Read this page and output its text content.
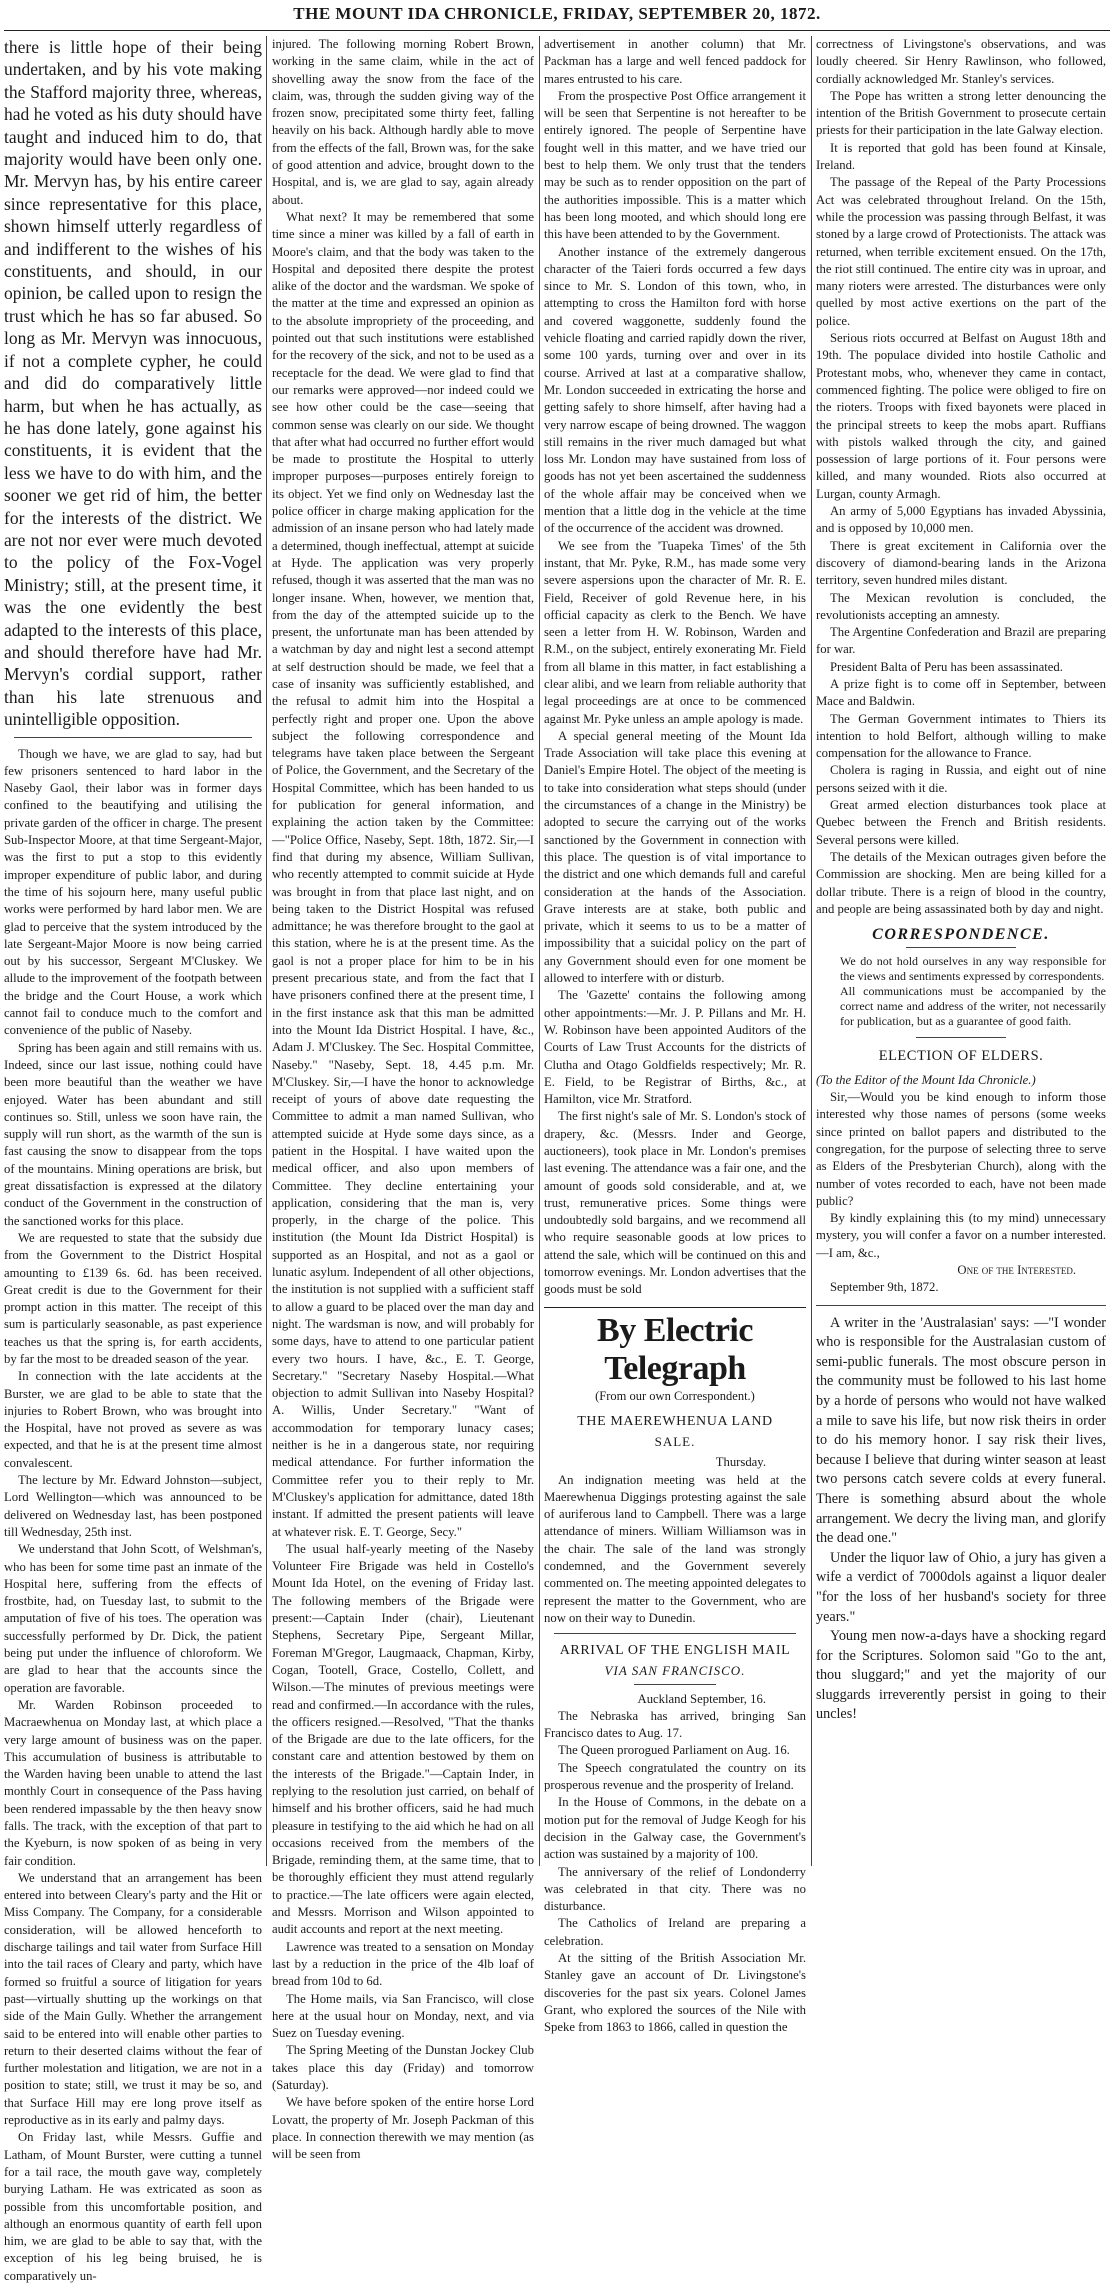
THE MOUNT IDA CHRONICLE, FRIDAY, SEPTEMBER 20, 1872.

there is little hope of their being undertaken, and by his vote making the Stafford majority three, whereas, had he voted as his duty should have taught and induced him to do, that majority would have been only one. Mr. Mervyn has, by his entire career since representative for this place, shown himself utterly regardless of and indifferent to the wishes of his constituents, and should, in our opinion, be called upon to resign the trust which he has so far abused. So long as Mr. Mervyn was innocuous, if not a complete cypher, he could and did do comparatively little harm, but when he has actually, as he has done lately, gone against his constituents, it is evident that the less we have to do with him, and the sooner we get rid of him, the better for the interests of the district. We are not nor ever were much devoted to the policy of the Fox-Vogel Ministry; still, at the present time, it was the one evidently the best adapted to the interests of this place, and should therefore have had Mr. Mervyn's cordial support, rather than his late strenuous and unintelligible opposition.

Though we have, we are glad to say, had but few prisoners sentenced to hard labor in the Naseby Gaol, their labor was in former days confined to the beautifying and utilising the private garden of the officer in charge. The present Sub-Inspector Moore, at that time Sergeant-Major, was the first to put a stop to this evidently improper expenditure of public labor, and during the time of his sojourn here, many useful public works were performed by hard labor men. We are glad to perceive that the system introduced by the late Sergeant-Major Moore is now being carried out by his successor, Sergeant M'Cluskey. We allude to the improvement of the footpath between the bridge and the Court House, a work which cannot fail to conduce much to the comfort and convenience of the public of Naseby.

Spring has been again and still remains with us. Indeed, since our last issue, nothing could have been more beautiful than the weather we have enjoyed. Water has been abundant and still continues so. Still, unless we soon have rain, the supply will run short, as the warmth of the sun is fast causing the snow to disappear from the tops of the mountains. Mining operations are brisk, but great dissatisfaction is expressed at the dilatory conduct of the Government in the construction of the sanctioned works for this place.

We are requested to state that the subsidy due from the Government to the District Hospital amounting to £139 6s. 6d. has been received. Great credit is due to the Government for their prompt action in this matter. The receipt of this sum is particularly seasonable, as past experience teaches us that the spring is, for earth accidents, by far the most to be dreaded season of the year.

In connection with the late accidents at the Burster, we are glad to be able to state that the injuries to Robert Brown, who was brought into the Hospital, have not proved as severe as was expected, and that he is at the present time almost convalescent.

The lecture by Mr. Edward Johnston—subject, Lord Wellington—which was announced to be delivered on Wednesday last, has been postponed till Wednesday, 25th inst.

We understand that John Scott, of Welshman's, who has been for some time past an inmate of the Hospital here, suffering from the effects of frostbite, had, on Tuesday last, to submit to the amputation of five of his toes. The operation was successfully performed by Dr. Dick, the patient being put under the influence of chloroform. We are glad to hear that the accounts since the operation are favorable.

Mr. Warden Robinson proceeded to Macraewhenua on Monday last, at which place a very large amount of business was on the paper. This accumulation of business is attributable to the Warden having been unable to attend the last monthly Court in consequence of the Pass having been rendered impassable by the then heavy snow falls. The track, with the exception of that part to the Kyeburn, is now spoken of as being in very fair condition.

We understand that an arrangement has been entered into between Cleary's party and the Hit or Miss Company. The Company, for a considerable consideration, will be allowed henceforth to discharge tailings and tail water from Surface Hill into the tail races of Cleary and party, which have formed so fruitful a source of litigation for years past—virtually shutting up the workings on that side of the Main Gully. Whether the arrangement said to be entered into will enable other parties to return to their deserted claims without the fear of further molestation and litigation, we are not in a position to state; still, we trust it may be so, and that Surface Hill may ere long prove itself as reproductive as in its early and palmy days.

On Friday last, while Messrs. Guffie and Latham, of Mount Burster, were cutting a tunnel for a tail race, the mouth gave way, completely burying Latham. He was extricated as soon as possible from this uncomfortable position, and although an enormous quantity of earth fell upon him, we are glad to be able to say that, with the exception of his leg being bruised, he is comparatively un-

injured. The following morning Robert Brown, working in the same claim, while in the act of shovelling away the snow from the face of the claim, was, through the sudden giving way of the frozen snow, precipitated some thirty feet, falling heavily on his back. Although hardly able to move from the effects of the fall, Brown was, for the sake of good attention and advice, brought down to the Hospital, and is, we are glad to say, again already about.

What next? It may be remembered that some time since a miner was killed by a fall of earth in Moore's claim, and that the body was taken to the Hospital and deposited there despite the protest alike of the doctor and the wardsman. We spoke of the matter at the time and expressed an opinion as to the absolute impropriety of the proceeding, and pointed out that such institutions were established for the recovery of the sick, and not to be used as a receptacle for the dead. We were glad to find that our remarks were approved—nor indeed could we see how other could be the case—seeing that common sense was clearly on our side. We thought that after what had occurred no further effort would be made to prostitute the Hospital to utterly improper purposes—purposes entirely foreign to its object. Yet we find only on Wednesday last the police officer in charge making application for the admission of an insane person who had lately made a determined, though ineffectual, attempt at suicide at Hyde. The application was very properly refused, though it was asserted that the man was no longer insane. When, however, we mention that, from the day of the attempted suicide up to the present, the unfortunate man has been attended by a watchman by day and night lest a second attempt at self destruction should be made, we feel that a case of insanity was sufficiently established, and the refusal to admit him into the Hospital a perfectly right and proper one. Upon the above subject the following correspondence and telegrams have taken place between the Sergeant of Police, the Government, and the Secretary of the Hospital Committee, which has been handed to us for publication for general information, and explaining the action taken by the Committee:—"Police Office, Naseby, Sept. 18th, 1872. Sir,—I find that during my absence, William Sullivan, who recently attempted to commit suicide at Hyde was brought in from that place last night, and on being taken to the District Hospital was refused admittance; he was therefore brought to the gaol at this station, where he is at the present time. As the gaol is not a proper place for him to be in his present precarious state, and from the fact that I have prisoners confined there at the present time, I in the first instance ask that this man be admitted into the Mount Ida District Hospital. I have, &c., Adam J. M'Cluskey. The Sec. Hospital Committee, Naseby." "Naseby, Sept. 18, 4.45 p.m. Mr. M'Cluskey. Sir,—I have the honor to acknowledge receipt of yours of above date requesting the Committee to admit a man named Sullivan, who attempted suicide at Hyde some days since, as a patient in the Hospital. I have waited upon the medical officer, and also upon members of Committee. They decline entertaining your application, considering that the man is, very properly, in the charge of the police. This institution (the Mount Ida District Hospital) is supported as an Hospital, and not as a gaol or lunatic asylum. Independent of all other objections, the institution is not supplied with a sufficient staff to allow a guard to be placed over the man day and night. The wardsman is now, and will probably for some days, have to attend to one particular patient every two hours. I have, &c., E. T. George, Secretary." "Secretary Naseby Hospital.—What objection to admit Sullivan into Naseby Hospital? A. Willis, Under Secretary." "Want of accommodation for temporary lunacy cases; neither is he in a dangerous state, nor requiring medical attendance. For further information the Committee refer you to their reply to Mr. M'Cluskey's application for admittance, dated 18th instant. If admitted the present patients will leave at whatever risk. E. T. George, Secy."

The usual half-yearly meeting of the Naseby Volunteer Fire Brigade was held in Costello's Mount Ida Hotel, on the evening of Friday last. The following members of the Brigade were present:—Captain Inder (chair), Lieutenant Stephens, Secretary Pipe, Sergeant Millar, Foreman M'Gregor, Laugmaack, Chapman, Kirby, Cogan, Tootell, Grace, Costello, Collett, and Wilson.—The minutes of previous meetings were read and confirmed.—In accordance with the rules, the officers resigned.—Resolved, "That the thanks of the Brigade are due to the late officers, for the constant care and attention bestowed by them on the interests of the Brigade."—Captain Inder, in replying to the resolution just carried, on behalf of himself and his brother officers, said he had much pleasure in testifying to the aid which he had on all occasions received from the members of the Brigade, reminding them, at the same time, that to be thoroughly efficient they must attend regularly to practice.—The late officers were again elected, and Messrs. Morrison and Wilson appointed to audit accounts and report at the next meeting.

Lawrence was treated to a sensation on Monday last by a reduction in the price of the 4lb loaf of bread from 10d to 6d.

The Home mails, via San Francisco, will close here at the usual hour on Monday, next, and via Suez on Tuesday evening.

The Spring Meeting of the Dunstan Jockey Club takes place this day (Friday) and tomorrow (Saturday).

We have before spoken of the entire horse Lord Lovatt, the property of Mr. Joseph Packman of this place. In connection therewith we may mention (as will be seen from

advertisement in another column) that Mr. Packman has a large and well fenced paddock for mares entrusted to his care.

From the prospective Post Office arrangement it will be seen that Serpentine is not hereafter to be entirely ignored. The people of Serpentine have fought well in this matter, and we have tried our best to help them. We only trust that the tenders may be such as to render opposition on the part of the authorities impossible. This is a matter which has been long mooted, and which should long ere this have been attended to by the Government.

Another instance of the extremely dangerous character of the Taieri fords occurred a few days since to Mr. S. London of this town, who, in attempting to cross the Hamilton ford with horse and covered waggonette, suddenly found the vehicle floating and carried rapidly down the river, some 100 yards, turning over and over in its course. Arrived at last at a comparative shallow, Mr. London succeeded in extricating the horse and getting safely to shore himself, after having had a very narrow escape of being drowned. The waggon still remains in the river much damaged but what loss Mr. London may have sustained from loss of goods has not yet been ascertained the suddenness of the whole affair may be conceived when we mention that a little dog in the vehicle at the time of the occurrence of the accident was drowned.

We see from the 'Tuapeka Times' of the 5th instant, that Mr. Pyke, R.M., has made some very severe aspersions upon the character of Mr. R. E. Field, Receiver of gold Revenue here, in his official capacity as clerk to the Bench. We have seen a letter from H. W. Robinson, Warden and R.M., on the subject, entirely exonerating Mr. Field from all blame in this matter, in fact establishing a clear alibi, and we learn from reliable authority that legal proceedings are at once to be commenced against Mr. Pyke unless an ample apology is made.

A special general meeting of the Mount Ida Trade Association will take place this evening at Daniel's Empire Hotel. The object of the meeting is to take into consideration what steps should (under the circumstances of a change in the Ministry) be adopted to secure the carrying out of the works sanctioned by the Government in connection with this place. The question is of vital importance to the district and one which demands full and careful consideration at the hands of the Association. Grave interests are at stake, both public and private, which it seems to us to be a matter of impossibility that a suicidal policy on the part of any Government should even for one moment be allowed to interfere with or disturb.

The 'Gazette' contains the following among other appointments:—Mr. J. P. Pillans and Mr. H. W. Robinson have been appointed Auditors of the Courts of Law Trust Accounts for the districts of Clutha and Otago Goldfields respectively; Mr. R. E. Field, to be Registrar of Births, &c., at Hamilton, vice Mr. Stratford.

The first night's sale of Mr. S. London's stock of drapery, &c. (Messrs. Inder and George, auctioneers), took place in Mr. London's premises last evening. The attendance was a fair one, and the amount of goods sold considerable, and at, we trust, remunerative prices. Some things were undoubtedly sold bargains, and we recommend all who require seasonable goods at low prices to attend the sale, which will be continued on this and tomorrow evenings. Mr. London advertises that the goods must be sold

By Electric Telegraph
(From our own Correspondent.)
THE MAEREWHENUA LAND
SALE.
Thursday.

An indignation meeting was held at the Maerewhenua Diggings protesting against the sale of auriferous land to Campbell. There was a large attendance of miners. William Williamson was in the chair. The sale of the land was strongly condemned, and the Government severely commented on. The meeting appointed delegates to represent the matter to the Government, who are now on their way to Dunedin.

ARRIVAL OF THE ENGLISH MAIL
VIA SAN FRANCISCO.
Auckland September, 16.

The Nebraska has arrived, bringing San Francisco dates to Aug. 17.

The Queen prorogued Parliament on Aug. 16.

The Speech congratulated the country on its prosperous revenue and the prosperity of Ireland.

In the House of Commons, in the debate on a motion put for the removal of Judge Keogh for his decision in the Galway case, the Government's action was sustained by a majority of 100.

The anniversary of the relief of Londonderry was celebrated in that city. There was no disturbance.

The Catholics of Ireland are preparing a celebration.

At the sitting of the British Association Mr. Stanley gave an account of Dr. Livingstone's discoveries for the past six years. Colonel James Grant, who explored the sources of the Nile with Speke from 1863 to 1866, called in question the

correctness of Livingstone's observations, and was loudly cheered. Sir Henry Rawlinson, who followed, cordially acknowledged Mr. Stanley's services.

The Pope has written a strong letter denouncing the intention of the British Government to prosecute certain priests for their participation in the late Galway election.

It is reported that gold has been found at Kinsale, Ireland.

The passage of the Repeal of the Party Processions Act was celebrated throughout Ireland. On the 15th, while the procession was passing through Belfast, it was stoned by a large crowd of Protectionists. The attack was returned, when terrible excitement ensued. On the 17th, the riot still continued. The entire city was in uproar, and many rioters were arrested. The disturbances were only quelled by most active exertions on the part of the police.

Serious riots occurred at Belfast on August 18th and 19th. The populace divided into hostile Catholic and Protestant mobs, who, whenever they came in contact, commenced fighting. The police were obliged to fire on the rioters. Troops with fixed bayonets were placed in the principal streets to keep the mobs apart. Ruffians with pistols walked through the city, and gained possession of large portions of it. Four persons were killed, and many wounded. Riots also occurred at Lurgan, county Armagh.

An army of 5,000 Egyptians has invaded Abyssinia, and is opposed by 10,000 men.

There is great excitement in California over the discovery of diamond-bearing lands in the Arizona territory, seven hundred miles distant.

The Mexican revolution is concluded, the revolutionists accepting an amnesty.

The Argentine Confederation and Brazil are preparing for war.

President Balta of Peru has been assassinated.

A prize fight is to come off in September, between Mace and Baldwin.

The German Government intimates to Thiers its intention to hold Belfort, although willing to make compensation for the allowance to France.

Cholera is raging in Russia, and eight out of nine persons seized with it die.

Great armed election disturbances took place at Quebec between the French and British residents. Several persons were killed.

The details of the Mexican outrages given before the Commission are shocking. Men are being killed for a dollar tribute. There is a reign of blood in the country, and people are being assassinated both by day and night.

CORRESPONDENCE.

We do not hold ourselves in any way responsible for the views and sentiments expressed by correspondents.

All communications must be accompanied by the correct name and address of the writer, not necessarily for publication, but as a guarantee of good faith.

ELECTION OF ELDERS.

(To the Editor of the Mount Ida Chronicle.)

Sir,—Would you be kind enough to inform those interested why those names of persons (some weeks since printed on ballot papers and distributed to the congregation, for the purpose of selecting three to serve as Elders of the Presbyterian Church), along with the number of votes recorded to each, have not been made public?

By kindly explaining this (to my mind) unnecessary mystery, you will confer a favor on a number interested.—I am, &c.,

One of the Interested.

September 9th, 1872.

A writer in the 'Australasian' says: —"I wonder who is responsible for the Australasian custom of semi-public funerals. The most obscure person in the community must be followed to his last home by a horde of persons who would not have walked a mile to save his life, but now risk theirs in order to do his memory honor. I say risk their lives, because I believe that during winter season at least two persons catch severe colds at every funeral. There is something absurd about the whole arrangement. We decry the living man, and glorify the dead one."

Under the liquor law of Ohio, a jury has given a wife a verdict of 7000dols against a liquor dealer "for the loss of her husband's society for three years."

Young men now-a-days have a shocking regard for the Scriptures. Solomon said "Go to the ant, thou sluggard;" and yet the majority of our sluggards irreverently persist in going to their uncles!
